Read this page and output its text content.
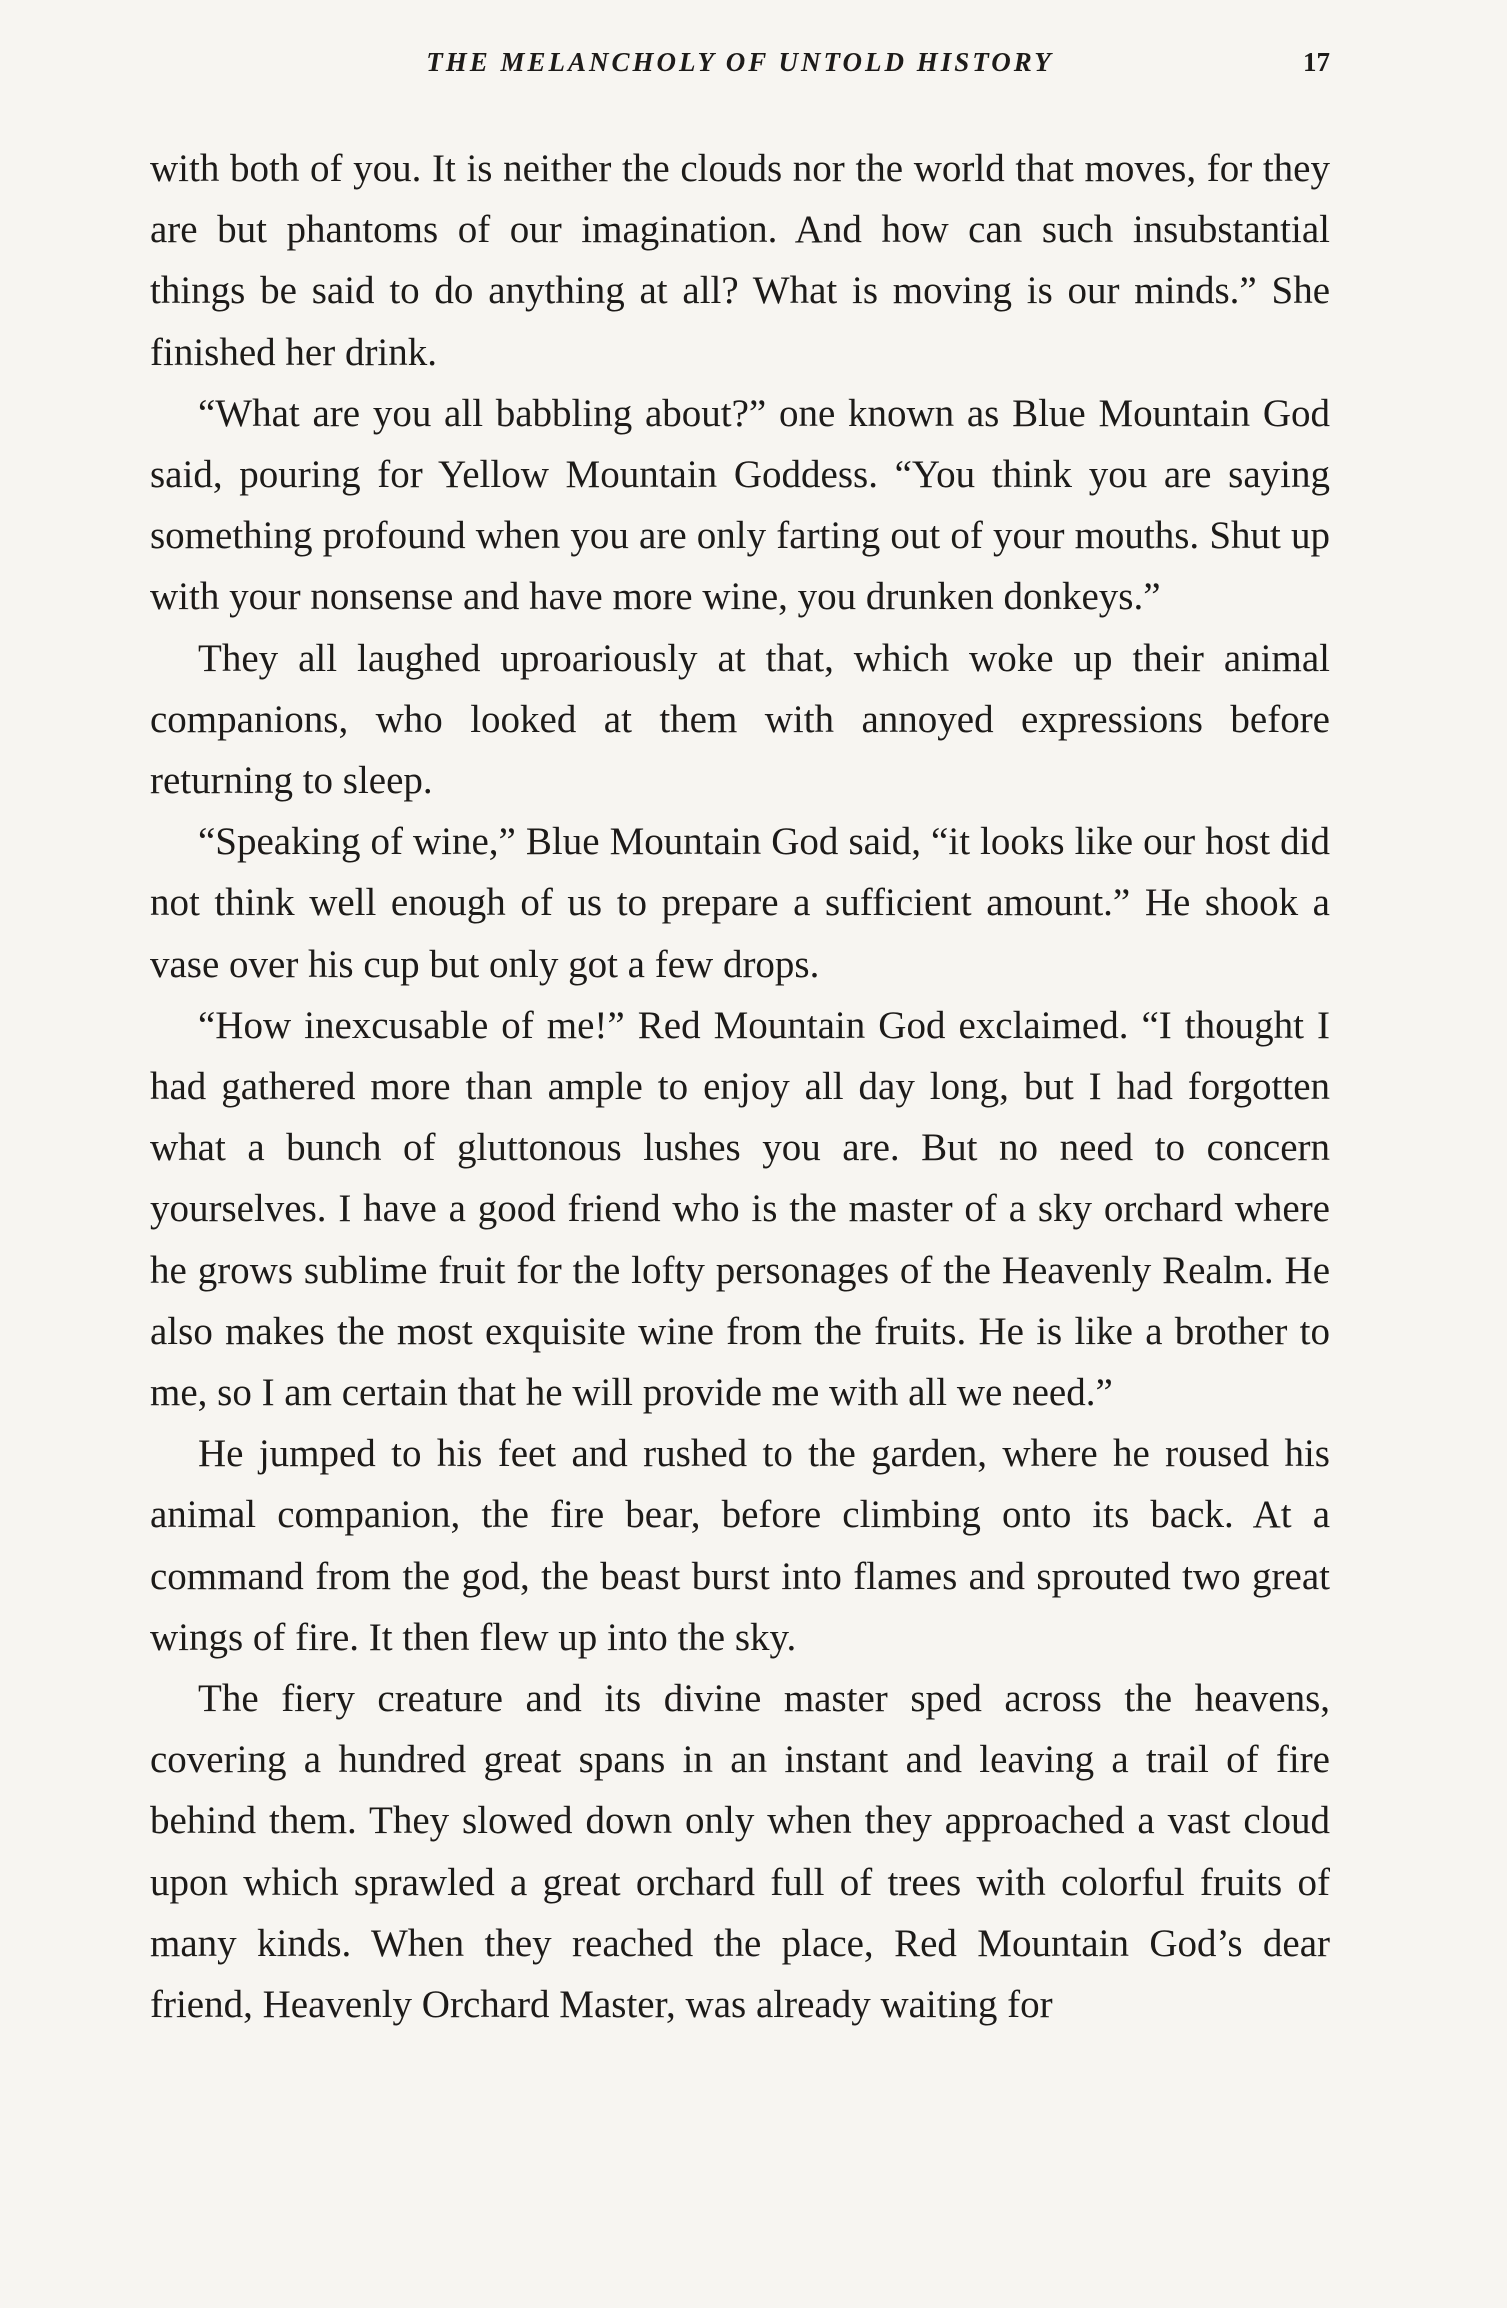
THE MELANCHOLY OF UNTOLD HISTORY	17

with both of you. It is neither the clouds nor the world that moves, for they are but phantoms of our imagination. And how can such insubstantial things be said to do anything at all? What is moving is our minds.” She finished her drink.

“What are you all babbling about?” one known as Blue Mountain God said, pouring for Yellow Mountain Goddess. “You think you are saying something profound when you are only farting out of your mouths. Shut up with your nonsense and have more wine, you drunken donkeys.”

They all laughed uproariously at that, which woke up their animal companions, who looked at them with annoyed expressions before returning to sleep.

“Speaking of wine,” Blue Mountain God said, “it looks like our host did not think well enough of us to prepare a sufficient amount.” He shook a vase over his cup but only got a few drops.

“How inexcusable of me!” Red Mountain God exclaimed. “I thought I had gathered more than ample to enjoy all day long, but I had forgotten what a bunch of gluttonous lushes you are. But no need to concern yourselves. I have a good friend who is the master of a sky orchard where he grows sublime fruit for the lofty personages of the Heavenly Realm. He also makes the most exquisite wine from the fruits. He is like a brother to me, so I am certain that he will provide me with all we need.”

He jumped to his feet and rushed to the garden, where he roused his animal companion, the fire bear, before climbing onto its back. At a command from the god, the beast burst into flames and sprouted two great wings of fire. It then flew up into the sky.

The fiery creature and its divine master sped across the heavens, covering a hundred great spans in an instant and leaving a trail of fire behind them. They slowed down only when they approached a vast cloud upon which sprawled a great orchard full of trees with colorful fruits of many kinds. When they reached the place, Red Mountain God’s dear friend, Heavenly Orchard Master, was already waiting for
